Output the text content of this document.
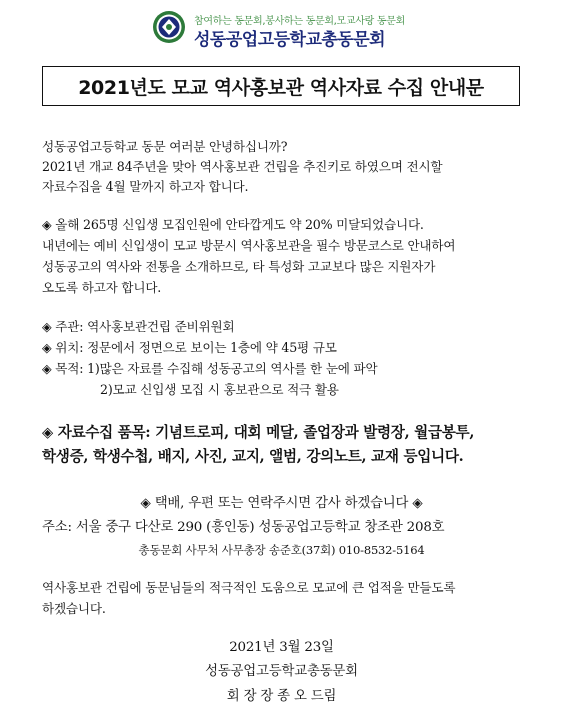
참여하는 동문회,봉사하는 동문회,모교사랑 동문회
성동공업고등학교총동문회
2021년도 모교 역사홍보관 역사자료 수집 안내문
성동공업고등학교 동문 여러분 안녕하십니까?
2021년 개교 84주년을 맞아 역사홍보관 건립을 추진키로 하였으며 전시할
자료수집을 4월 말까지 하고자 합니다.
◈ 올해 265명 신입생 모집인원에 안타깝게도 약 20% 미달되었습니다.
내년에는 예비 신입생이 모교 방문시 역사홍보관을 필수 방문코스로 안내하여
성동공고의 역사와 전통을 소개하므로, 타 특성화 고교보다 많은 지원자가
오도록 하고자 합니다.
◈ 주관: 역사홍보관건립 준비위원회
◈ 위치: 정문에서 정면으로 보이는 1층에 약 45평 규모
◈ 목적: 1)많은 자료를 수집해 성동공고의 역사를 한 눈에 파악
2)모교 신입생 모집 시 홍보관으로 적극 활용
◈ 자료수집 품목: 기념트로피, 대회 메달, 졸업장과 발령장, 월급봉투,
학생증, 학생수첩, 배지, 사진, 교지, 앨범, 강의노트, 교재 등입니다.
◈ 택배, 우편 또는 연락주시면 감사 하겠습니다 ◈
주소: 서울 중구 다산로 290 (흥인동) 성동공업고등학교 창조관 208호
총동문회 사무처 사무총장 송준호(37회) 010-8532-5164
역사홍보관 건립에 동문님들의 적극적인 도움으로 모교에 큰 업적을 만들도록
하겠습니다.
2021년 3월 23일
성동공업고등학교총동문회
회 장 장 종 오 드림
